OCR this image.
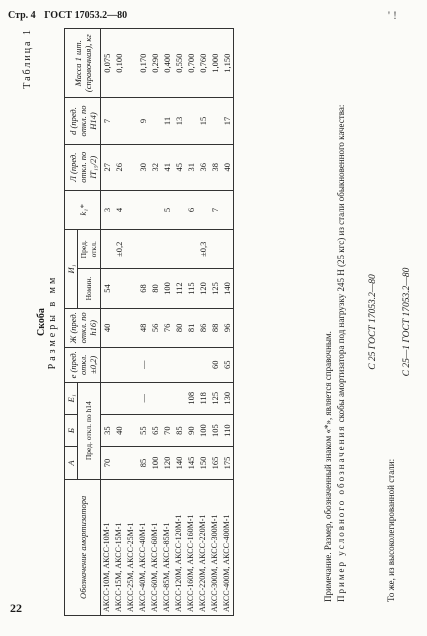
Стр. 4 ГОСТ 17053.2—80	' !
22
Таблица 1
Скоба Размеры в мм
Обозначение амортизатора	A	Б	E₁	e (пред. откл. ±0,2)	Ж (пред. откл. по h16)	И₁		k₁*	Л (пред. откл. по IT₁₅/2)	d (пред. откл. по H14)	Масса 1 шт. (справочная), кг
	Пред. откл. по h14					Номин.	Пред. откл.				
АКСС-10М, АКСС-10М-1	70	35			40	54		3	27	7	0,075
АКСС-15М, АКСС-15М-1		40					±0,2	4	26		0,100
АКСС-25М, АКСС-25М-1											
АКСС-40М, АКСС-40М-1	85	55	—	—	48	68			30	9	0,170
АКСС-60М, АКСС-60М-1	100	65			56	80			32		0,290
АКСС-85М, АКСС-85М-1	120	70			76	100		5	41	11	0,400
АКСС-120М, АКСС-120М-1	140	85			80	112			45	13	0,550
АКСС-160М, АКСС-160М-1	145	90	108		81	115		6	31		0,700
АКСС-220М, АКСС-220М-1	150	100	118		86	120	±0,3		36	15	0,760
АКСС-300М, АКСС-300М-1	165	105	125	60	88	125		7	38		1,000
АКСС-400М, АКСС-400М-1	175	110	130	65	96	140			40	17	1,150

Примечание. Размер, обозначенный знаком «*», является справочным. Пример условного обозначения скобы амортизатора под нагрузку 245 Н (25 кгс) из стали обыкновенного качества: С 25 ГОСТ 17053.2—80
То же, из высоколегированной стали:
С 25—1 ГОСТ 17053.2—80
